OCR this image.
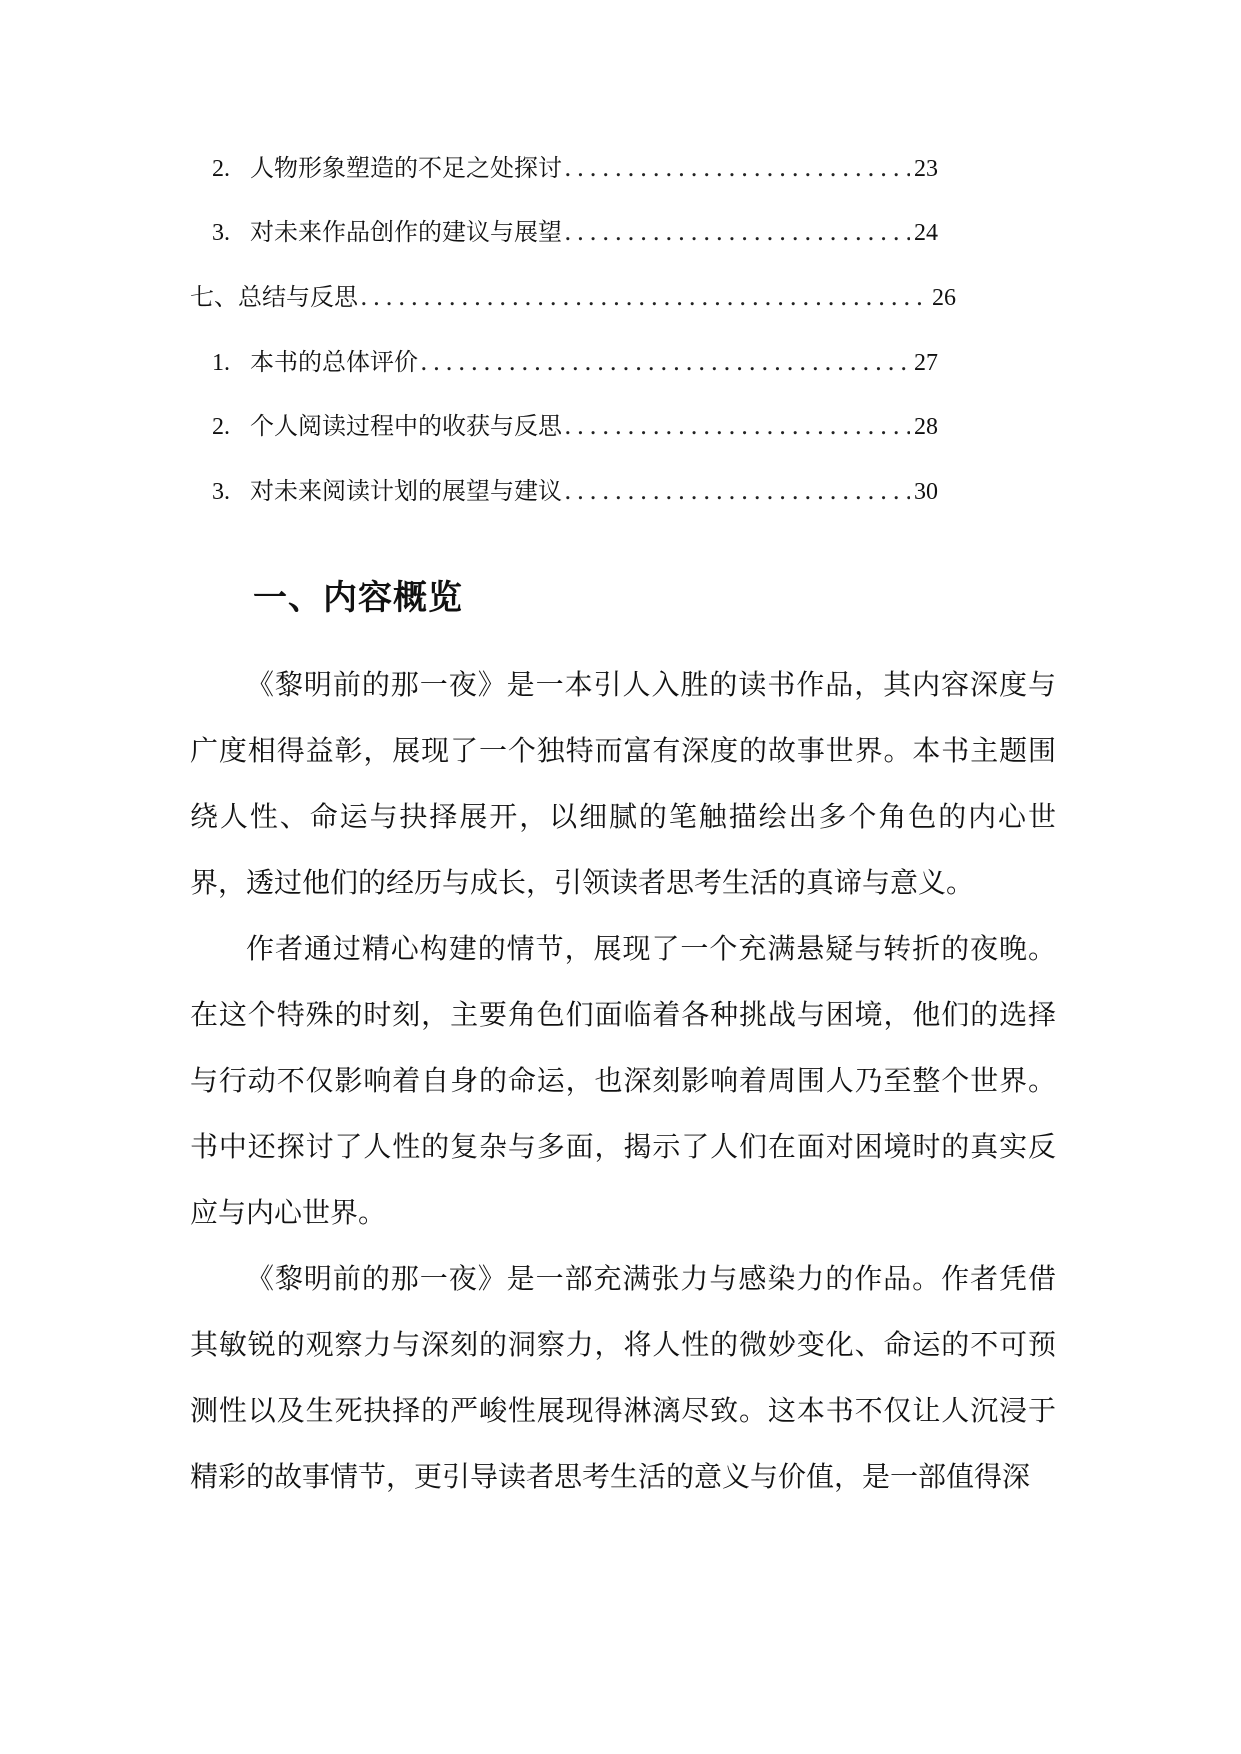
2. 人物形象塑造的不足之处探讨 .....	23
3. 对未来作品创作的建议与展望 .....	24
七、总结与反思 .....	26
1. 本书的总体评价 .....	27
2. 个人阅读过程中的收获与反思 .....	28
3. 对未来阅读计划的展望与建议 .....	30
一、内容概览

《黎明前的那一夜》是一本引人入胜的读书作品，其内容深度与广度相得益彰，展现了一个独特而富有深度的故事世界。本书主题围绕人性、命运与抉择展开，以细腻的笔触描绘出多个角色的内心世界，透过他们的经历与成长，引领读者思考生活的真谛与意义。

作者通过精心构建的情节，展现了一个充满悬疑与转折的夜晚。在这个特殊的时刻，主要角色们面临着各种挑战与困境，他们的选择与行动不仅影响着自身的命运，也深刻影响着周围人乃至整个世界。书中还探讨了人性的复杂与多面，揭示了人们在面对困境时的真实反应与内心世界。

《黎明前的那一夜》是一部充满张力与感染力的作品。作者凭借其敏锐的观察力与深刻的洞察力，将人性的微妙变化、命运的不可预测性以及生死抉择的严峻性展现得淋漓尽致。这本书不仅让人沉浸于精彩的故事情节，更引导读者思考生活的意义与价值，是一部值得深
